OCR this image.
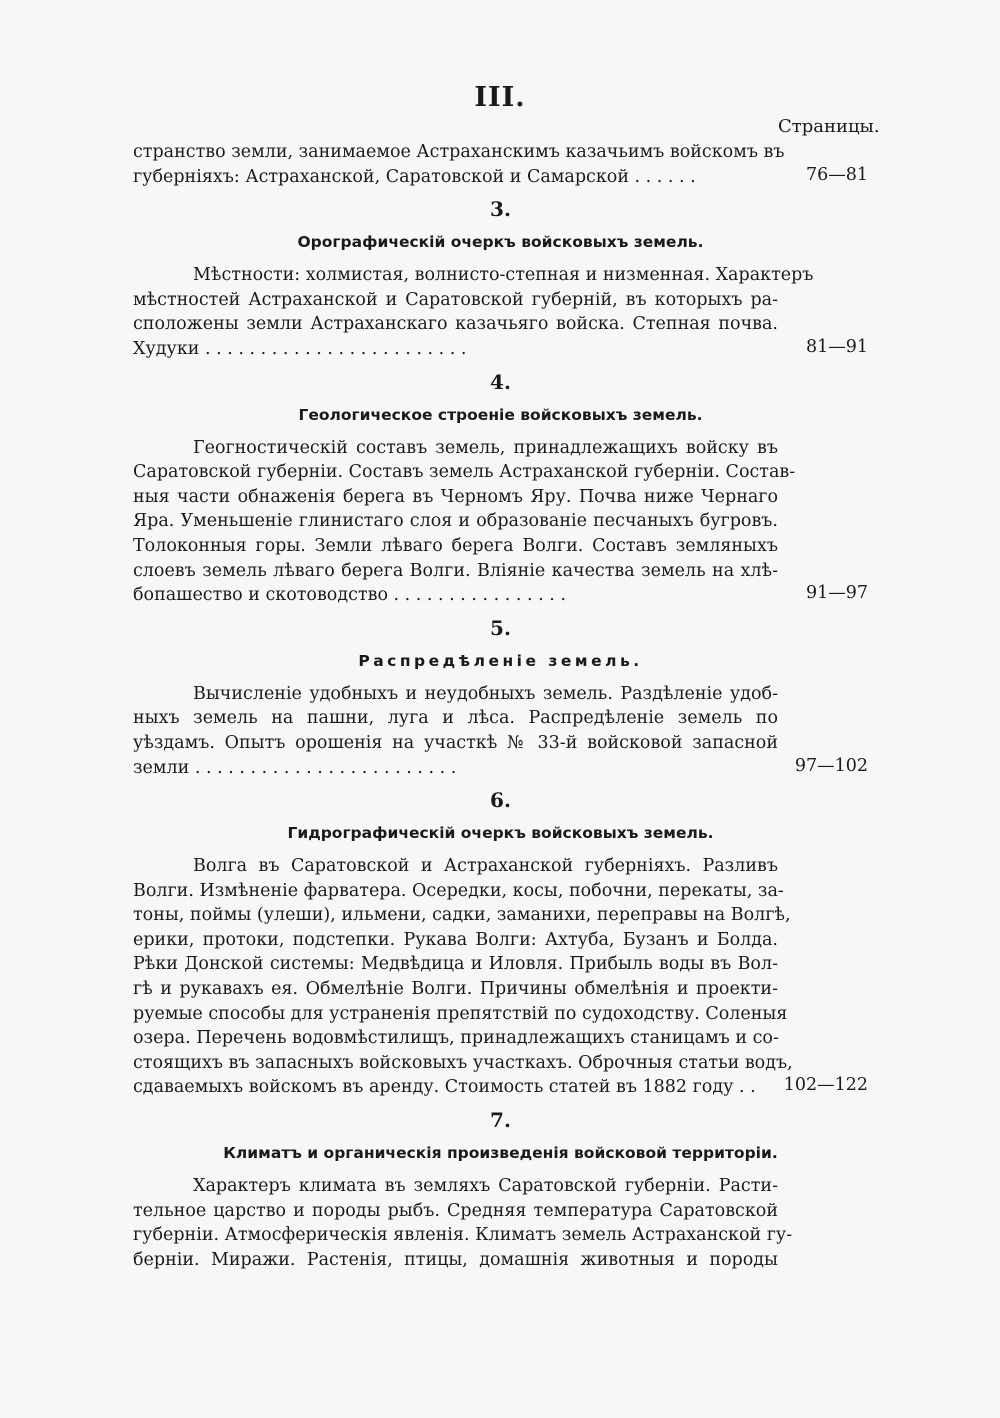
III.
Страницы.
странство земли, занимаемое Астраханскимъ казачьимъ войскомъ въ
губерніяхъ: Астраханской, Саратовской и Самарской . . . . . .	76—81
3.
Орографическій очеркъ войсковыхъ земель.
Мѣстности: холмистая, волнисто-степная и низменная. Характеръ
мѣстностей Астраханской и Саратовской губерній, въ которыхъ ра-
сположены земли Астраханскаго казачьяго войска. Степная почва.
Худуки . . . . . . . . . . . . . . . . . . . . . . . .	81—91
4.
Геологическое строеніе войсковыхъ земель.
Геогностическій составъ земель, принадлежащихъ войску въ
Саратовской губерніи. Составъ земель Астраханской губерніи. Состав-
ныя части обнаженія берега въ Черномъ Яру. Почва ниже Чернаго
Яра. Уменьшеніе глинистаго слоя и образованіе песчаныхъ бугровъ.
Толоконныя горы. Земли лѣваго берега Волги. Составъ земляныхъ
слоевъ земель лѣваго берега Волги. Вліяніе качества земель на хлѣ-
бопашество и скотоводство . . . . . . . . . . . . . . . .	91—97
5.
Распредѣленіе земель.
Вычисленіе удобныхъ и неудобныхъ земель. Раздѣленіе удоб-
ныхъ земель на пашни, луга и лѣса. Распредѣленіе земель по
уѣздамъ. Опытъ орошенія на участкѣ № 33-й войсковой запасной
земли . . . . . . . . . . . . . . . . . . . . . . . .	97—102
6.
Гидрографическій очеркъ войсковыхъ земель.
Волга въ Саратовской и Астраханской губерніяхъ. Разливъ
Волги. Измѣненіе фарватера. Осередки, косы, побочни, перекаты, за-
тоны, поймы (улеши), ильмени, садки, заманихи, переправы на Волгѣ,
ерики, протоки, подстепки. Рукава Волги: Ахтуба, Бузанъ и Болда.
Рѣки Донской системы: Медвѣдица и Иловля. Прибыль воды въ Вол-
гѣ и рукавахъ ея. Обмелѣніе Волги. Причины обмелѣнія и проекти-
руемые способы для устраненія препятствій по судоходству. Соленыя
озера. Перечень водовмѣстилищъ, принадлежащихъ станицамъ и со-
стоящихъ въ запасныхъ войсковыхъ участкахъ. Оброчныя статьи водъ,
сдаваемыхъ войскомъ въ аренду. Стоимость статей въ 1882 году . .	102—122
7.
Климатъ и органическія произведенія войсковой территоріи.
Характеръ климата въ земляхъ Саратовской губерніи. Расти-
тельное царство и породы рыбъ. Средняя температура Саратовской
губерніи. Атмосферическія явленія. Климатъ земель Астраханской гу-
берніи. Миражи. Растенія, птицы, домашнія животныя и породы
